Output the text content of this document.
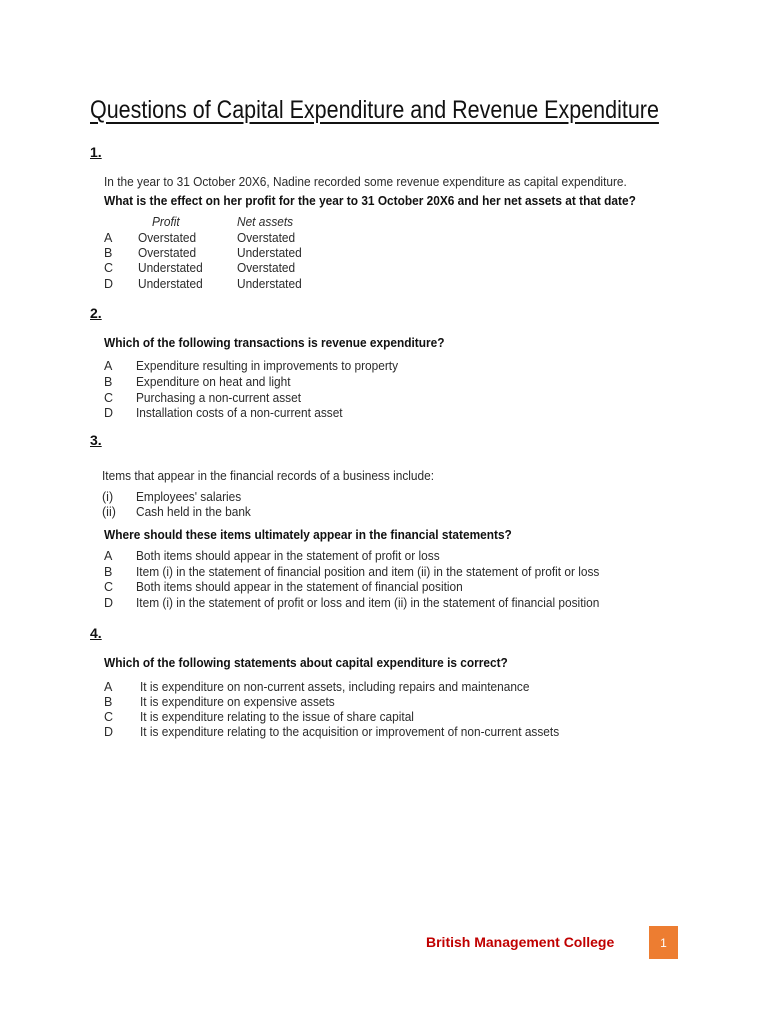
Questions of Capital Expenditure and Revenue Expenditure
1.
In the year to 31 October 20X6, Nadine recorded some revenue expenditure as capital expenditure.
What is the effect on her profit for the year to 31 October 20X6 and her net assets at that date?
Profit	Net assets
A Overstated	Overstated
B Overstated	Understated
C Understated	Overstated
D Understated	Understated
2.
Which of the following transactions is revenue expenditure?
A Expenditure resulting in improvements to property
B Expenditure on heat and light
C Purchasing a non-current asset
D Installation costs of a non-current asset
3.
Items that appear in the financial records of a business include:
(i) Employees' salaries
(ii) Cash held in the bank
Where should these items ultimately appear in the financial statements?
A Both items should appear in the statement of profit or loss
B Item (i) in the statement of financial position and item (ii) in the statement of profit or loss
C Both items should appear in the statement of financial position
D Item (i) in the statement of profit or loss and item (ii) in the statement of financial position
4.
Which of the following statements about capital expenditure is correct?
A It is expenditure on non-current assets, including repairs and maintenance
B It is expenditure on expensive assets
C It is expenditure relating to the issue of share capital
D It is expenditure relating to the acquisition or improvement of non-current assets
British Management College	1
